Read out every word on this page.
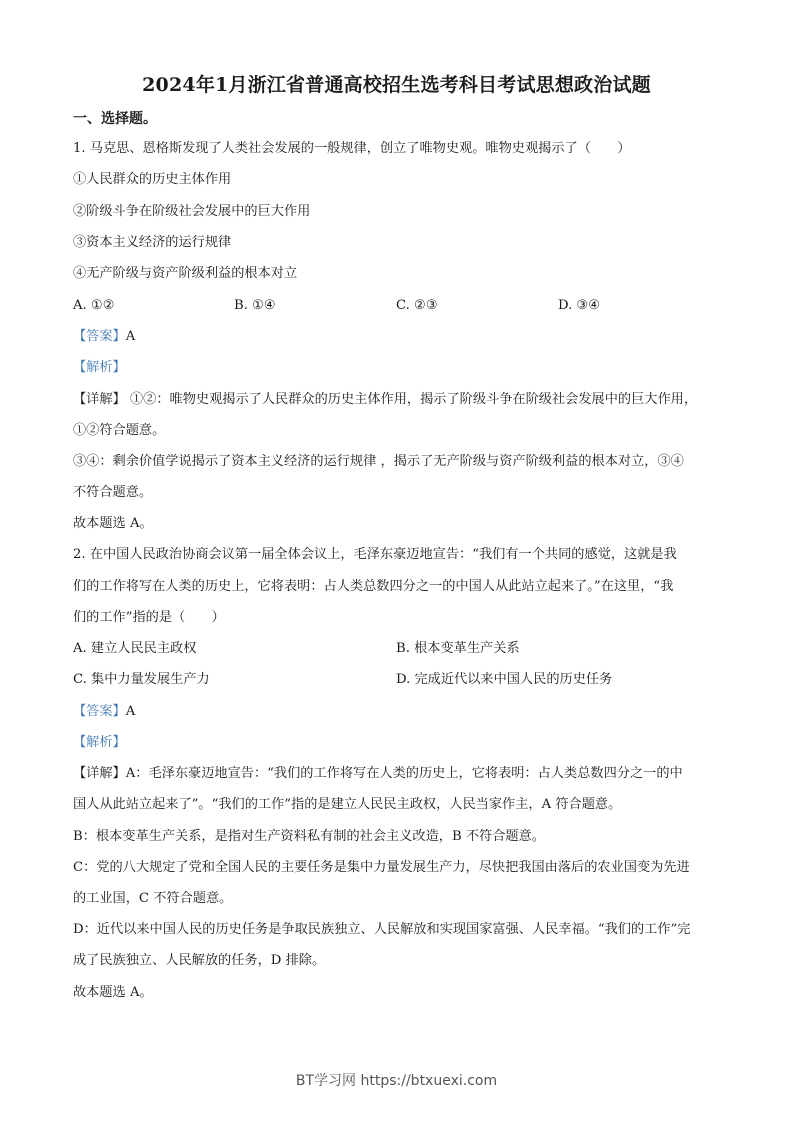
2024年1月浙江省普通高校招生选考科目考试思想政治试题
一、选择题。
1. 马克思、恩格斯发现了人类社会发展的一般规律，创立了唯物史观。唯物史观揭示了（　　）
①人民群众的历史主体作用
②阶级斗争在阶级社会发展中的巨大作用
③资本主义经济的运行规律
④无产阶级与资产阶级利益的根本对立
A. ①②	B. ①④	C. ②③	D. ③④
【答案】A
【解析】
【详解】 ①②：唯物史观揭示了人民群众的历史主体作用，揭示了阶级斗争在阶级社会发展中的巨大作用，
①②符合题意。
③④：剩余价值学说揭示了资本主义经济的运行规律 ，揭示了无产阶级与资产阶级利益的根本对立，③④
不符合题意。
故本题选 A。
2. 在中国人民政治协商会议第一届全体会议上，毛泽东豪迈地宣告：“我们有一个共同的感觉，这就是我
们的工作将写在人类的历史上，它将表明：占人类总数四分之一的中国人从此站立起来了。”在这里，“我
们的工作”指的是（　　）
A. 建立人民民主政权	B. 根本变革生产关系
C. 集中力量发展生产力	D. 完成近代以来中国人民的历史任务
【答案】A
【解析】
【详解】A：毛泽东豪迈地宣告：“我们的工作将写在人类的历史上，它将表明：占人类总数四分之一的中
国人从此站立起来了”。“我们的工作”指的是建立人民民主政权，人民当家作主，A 符合题意。
B：根本变革生产关系，是指对生产资料私有制的社会主义改造，B 不符合题意。
C：党的八大规定了党和全国人民的主要任务是集中力量发展生产力，尽快把我国由落后的农业国变为先进
的工业国，C 不符合题意。
D：近代以来中国人民的历史任务是争取民族独立、人民解放和实现国家富强、人民幸福。“我们的工作”完
成了民族独立、人民解放的任务，D 排除。
故本题选 A。
BT学习网 https://btxuexi.com
